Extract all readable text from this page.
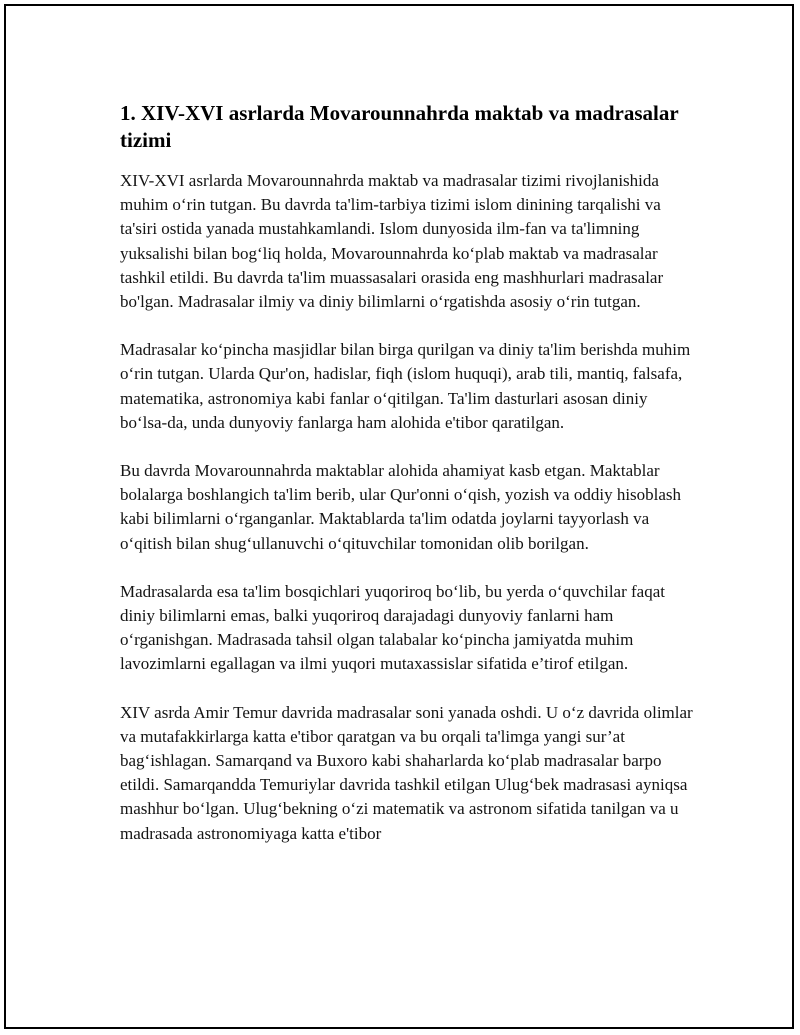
1. XIV-XVI asrlarda Movarounnahrda maktab va madrasalar tizimi

XIV-XVI asrlarda Movarounnahrda maktab va madrasalar tizimi rivojlanishida muhim o‘rin tutgan. Bu davrda ta'lim-tarbiya tizimi islom dinining tarqalishi va ta'siri ostida yanada mustahkamlandi. Islom dunyosida ilm-fan va ta'limning yuksalishi bilan bog‘liq holda, Movarounnahrda ko‘plab maktab va madrasalar tashkil etildi. Bu davrda ta'lim muassasalari orasida eng mashhurlari madrasalar bo'lgan. Madrasalar ilmiy va diniy bilimlarni o‘rgatishda asosiy o‘rin tutgan.

Madrasalar ko‘pincha masjidlar bilan birga qurilgan va diniy ta'lim berishda muhim o‘rin tutgan. Ularda Qur'on, hadislar, fiqh (islom huquqi), arab tili, mantiq, falsafa, matematika, astronomiya kabi fanlar o‘qitilgan. Ta'lim dasturlari asosan diniy bo‘lsa-da, unda dunyoviy fanlarga ham alohida e'tibor qaratilgan.

Bu davrda Movarounnahrda maktablar alohida ahamiyat kasb etgan. Maktablar bolalarga boshlangich ta'lim berib, ular Qur'onni o‘qish, yozish va oddiy hisoblash kabi bilimlarni o‘rganganlar. Maktablarda ta'lim odatda joylarni tayyorlash va o‘qitish bilan shug‘ullanuvchi o‘qituvchilar tomonidan olib borilgan.

Madrasalarda esa ta'lim bosqichlari yuqoriroq bo‘lib, bu yerda o‘quvchilar faqat diniy bilimlarni emas, balki yuqoriroq darajadagi dunyoviy fanlarni ham o‘rganishgan. Madrasada tahsil olgan talabalar ko‘pincha jamiyatda muhim lavozimlarni egallagan va ilmi yuqori mutaxassislar sifatida e’tirof etilgan.

XIV asrda Amir Temur davrida madrasalar soni yanada oshdi. U o‘z davrida olimlar va mutafakkirlarga katta e'tibor qaratgan va bu orqali ta'limga yangi sur’at bag‘ishlagan. Samarqand va Buxoro kabi shaharlarda ko‘plab madrasalar barpo etildi. Samarqandda Temuriylar davrida tashkil etilgan Ulug‘bek madrasasi ayniqsa mashhur bo‘lgan. Ulug‘bekning o‘zi matematik va astronom sifatida tanilgan va u madrasada astronomiyaga katta e'tibor
